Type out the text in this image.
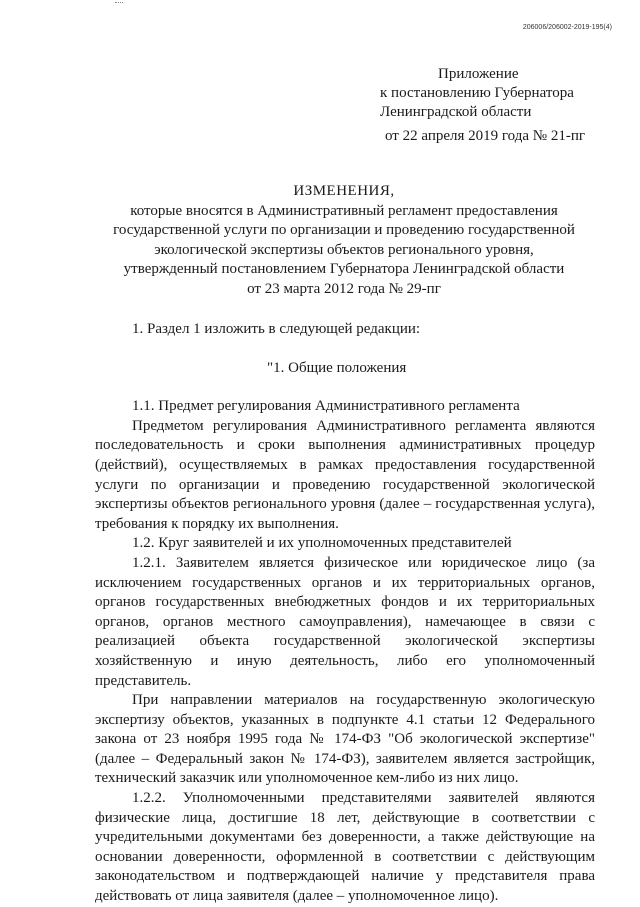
206006/206002-2019-195(4)
Приложение
к постановлению Губернатора
Ленинградской области
от 22 апреля 2019 года № 21-пг
ИЗМЕНЕНИЯ,
которые вносятся в Административный регламент предоставления
государственной услуги по организации и проведению государственной
экологической экспертизы объектов регионального уровня,
утвержденный постановлением Губернатора Ленинградской области
от 23 марта 2012 года № 29-пг

1. Раздел 1 изложить в следующей редакции:

"1. Общие положения

1.1. Предмет регулирования Административного регламента

Предметом регулирования Административного регламента являются последовательность и сроки выполнения административных процедур (действий), осуществляемых в рамках предоставления государственной услуги по организации и проведению государственной экологической экспертизы объектов регионального уровня (далее – государственная услуга), требования к порядку их выполнения.

1.2. Круг заявителей и их уполномоченных представителей

1.2.1. Заявителем является физическое или юридическое лицо (за исключением государственных органов и их территориальных органов, органов государственных внебюджетных фондов и их территориальных органов, органов местного самоуправления), намечающее в связи с реализацией объекта государственной экологической экспертизы хозяйственную и иную деятельность, либо его уполномоченный представитель.

При направлении материалов на государственную экологическую экспертизу объектов, указанных в подпункте 4.1 статьи 12 Федерального закона от 23 ноября 1995 года № 174-ФЗ "Об экологической экспертизе" (далее – Федеральный закон № 174-ФЗ), заявителем является застройщик, технический заказчик или уполномоченное кем-либо из них лицо.

1.2.2. Уполномоченными представителями заявителей являются физические лица, достигшие 18 лет, действующие в соответствии с учредительными документами без доверенности, а также действующие на основании доверенности, оформленной в соответствии с действующим законодательством и подтверждающей наличие у представителя права действовать от лица заявителя (далее – уполномоченное лицо).
